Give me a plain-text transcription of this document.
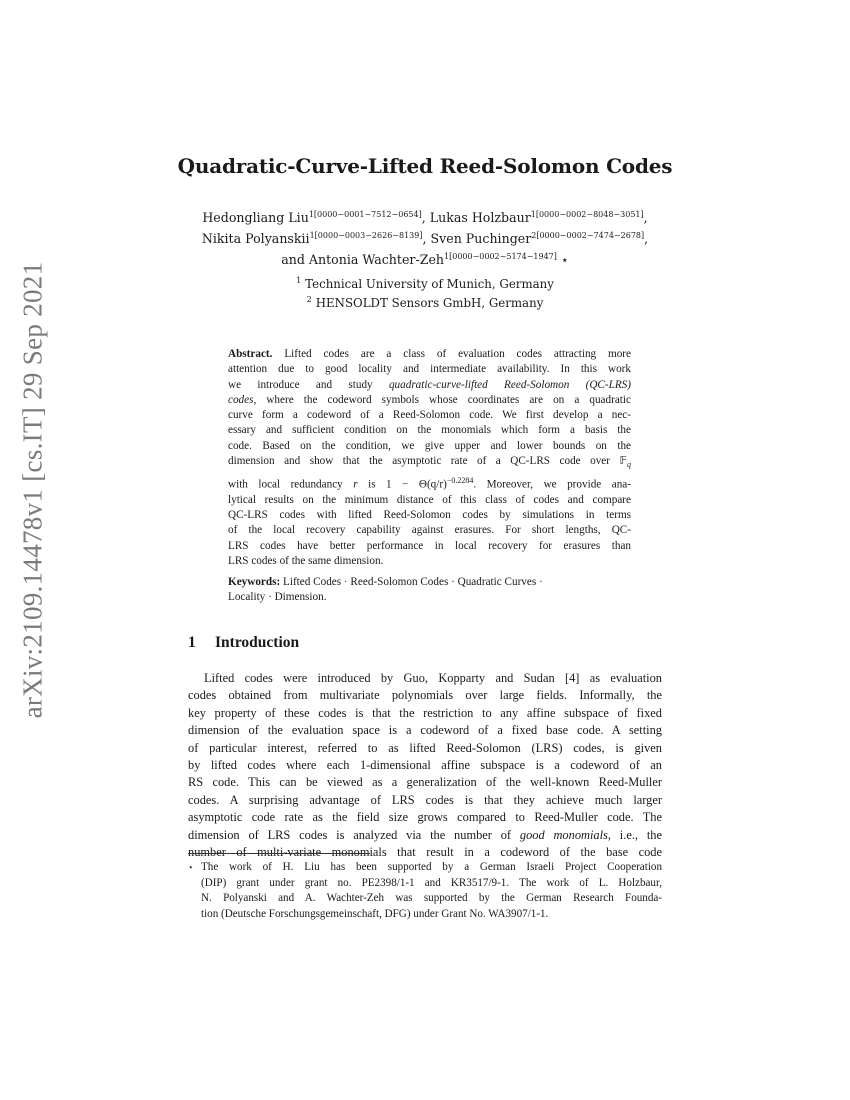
arXiv:2109.14478v1 [cs.IT] 29 Sep 2021
Quadratic-Curve-Lifted Reed-Solomon Codes
Hedongliang Liu$^{1[0000-0001-7512-0654]}$, Lukas Holzbaur$^{1[0000-0002-8048-3051]}$,
Nikita Polyanskii$^{1[0000-0003-2626-8139]}$, Sven Puchinger$^{2[0000-0002-7474-2678]}$,
and Antonia Wachter-Zeh$^{1[0000-0002-5174-1947]}$ ⋆
$^1$ Technical University of Munich, Germany
$^2$ HENSOLDT Sensors GmbH, Germany
Abstract. Lifted codes are a class of evaluation codes attracting more
attention due to good locality and intermediate availability. In this work
we introduce and study quadratic-curve-lifted Reed-Solomon (QC-LRS)
codes, where the codeword symbols whose coordinates are on a quadratic
curve form a codeword of a Reed-Solomon code. We first develop a nec-
essary and sufficient condition on the monomials which form a basis the
code. Based on the condition, we give upper and lower bounds on the
dimension and show that the asymptotic rate of a QC-LRS code over 𝔽$_q$
with local redundancy r is $1 - \Theta(q/r)^{-0.2284}$. Moreover, we provide ana-
lytical results on the minimum distance of this class of codes and compare
QC-LRS codes with lifted Reed-Solomon codes by simulations in terms
of the local recovery capability against erasures. For short lengths, QC-
LRS codes have better performance in local recovery for erasures than
LRS codes of the same dimension.
Keywords: Lifted Codes · Reed-Solomon Codes · Quadratic Curves ·
Locality · Dimension.
1 Introduction
Lifted codes were introduced by Guo, Kopparty and Sudan [4] as evaluation
codes obtained from multivariate polynomials over large fields. Informally, the
key property of these codes is that the restriction to any affine subspace of fixed
dimension of the evaluation space is a codeword of a fixed base code. A setting
of particular interest, referred to as lifted Reed-Solomon (LRS) codes, is given
by lifted codes where each 1-dimensional affine subspace is a codeword of an
RS code. This can be viewed as a generalization of the well-known Reed-Muller
codes. A surprising advantage of LRS codes is that they achieve much larger
asymptotic code rate as the field size grows compared to Reed-Muller code. The
dimension of LRS codes is analyzed via the number of good monomials, i.e., the
number of multi-variate monomials that result in a codeword of the base code
⋆ The work of H. Liu has been supported by a German Israeli Project Cooperation
(DIP) grant under grant no. PE2398/1-1 and KR3517/9-1. The work of L. Holzbaur,
N. Polyanski and A. Wachter-Zeh was supported by the German Research Founda-
tion (Deutsche Forschungsgemeinschaft, DFG) under Grant No. WA3907/1-1.
